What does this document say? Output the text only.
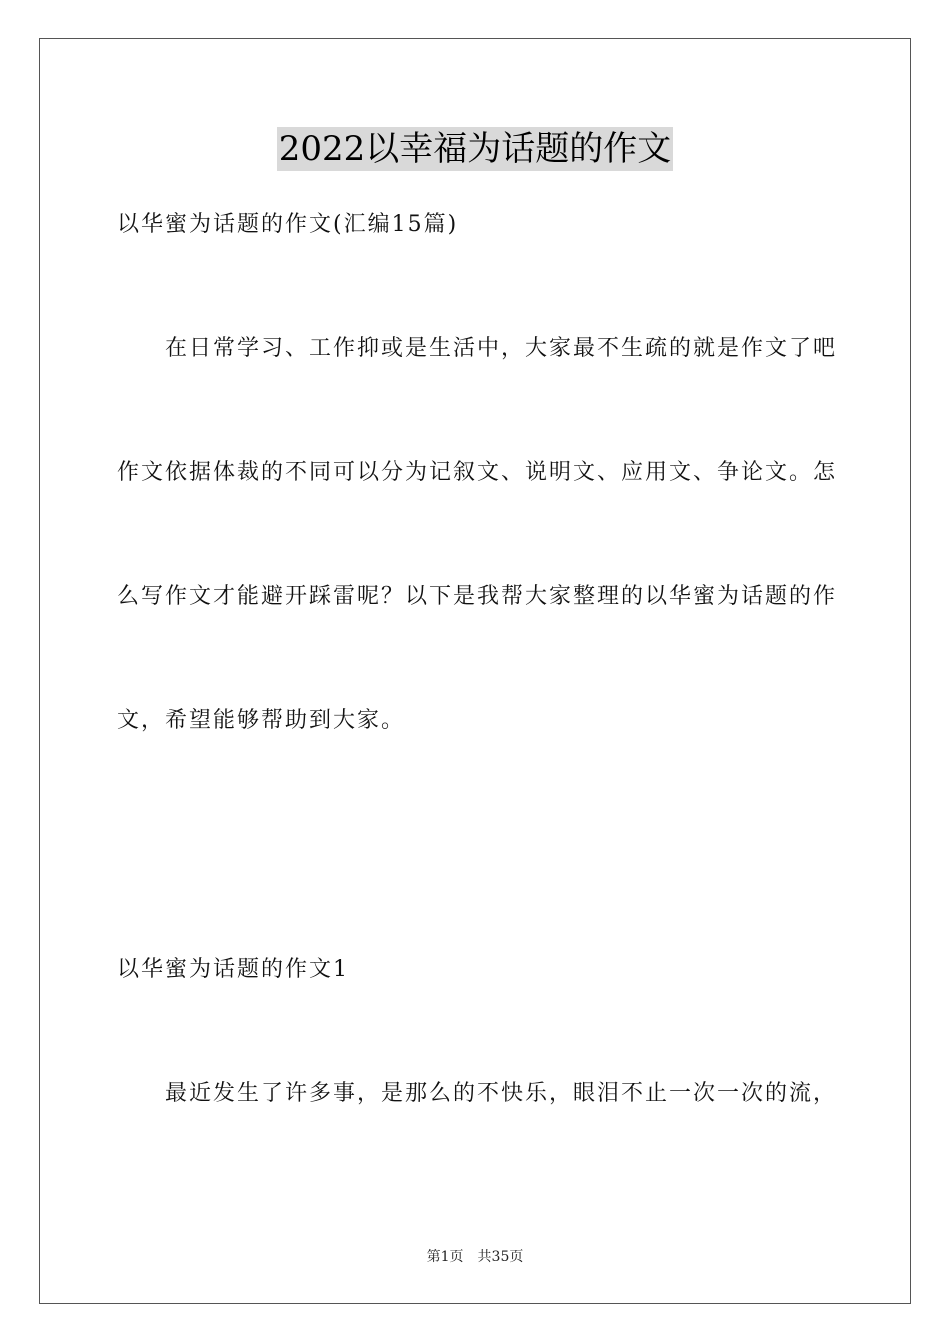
2022以幸福为话题的作文

以华蜜为话题的作文(汇编15篇)

在日常学习、工作抑或是生活中，大家最不生疏的就是作文了吧

作文依据体裁的不同可以分为记叙文、说明文、应用文、争论文。怎

么写作文才能避开踩雷呢？以下是我帮大家整理的以华蜜为话题的作

文，希望能够帮助到大家。

以华蜜为话题的作文1

最近发生了许多事，是那么的不快乐，眼泪不止一次一次的流，

第1页　共35页
